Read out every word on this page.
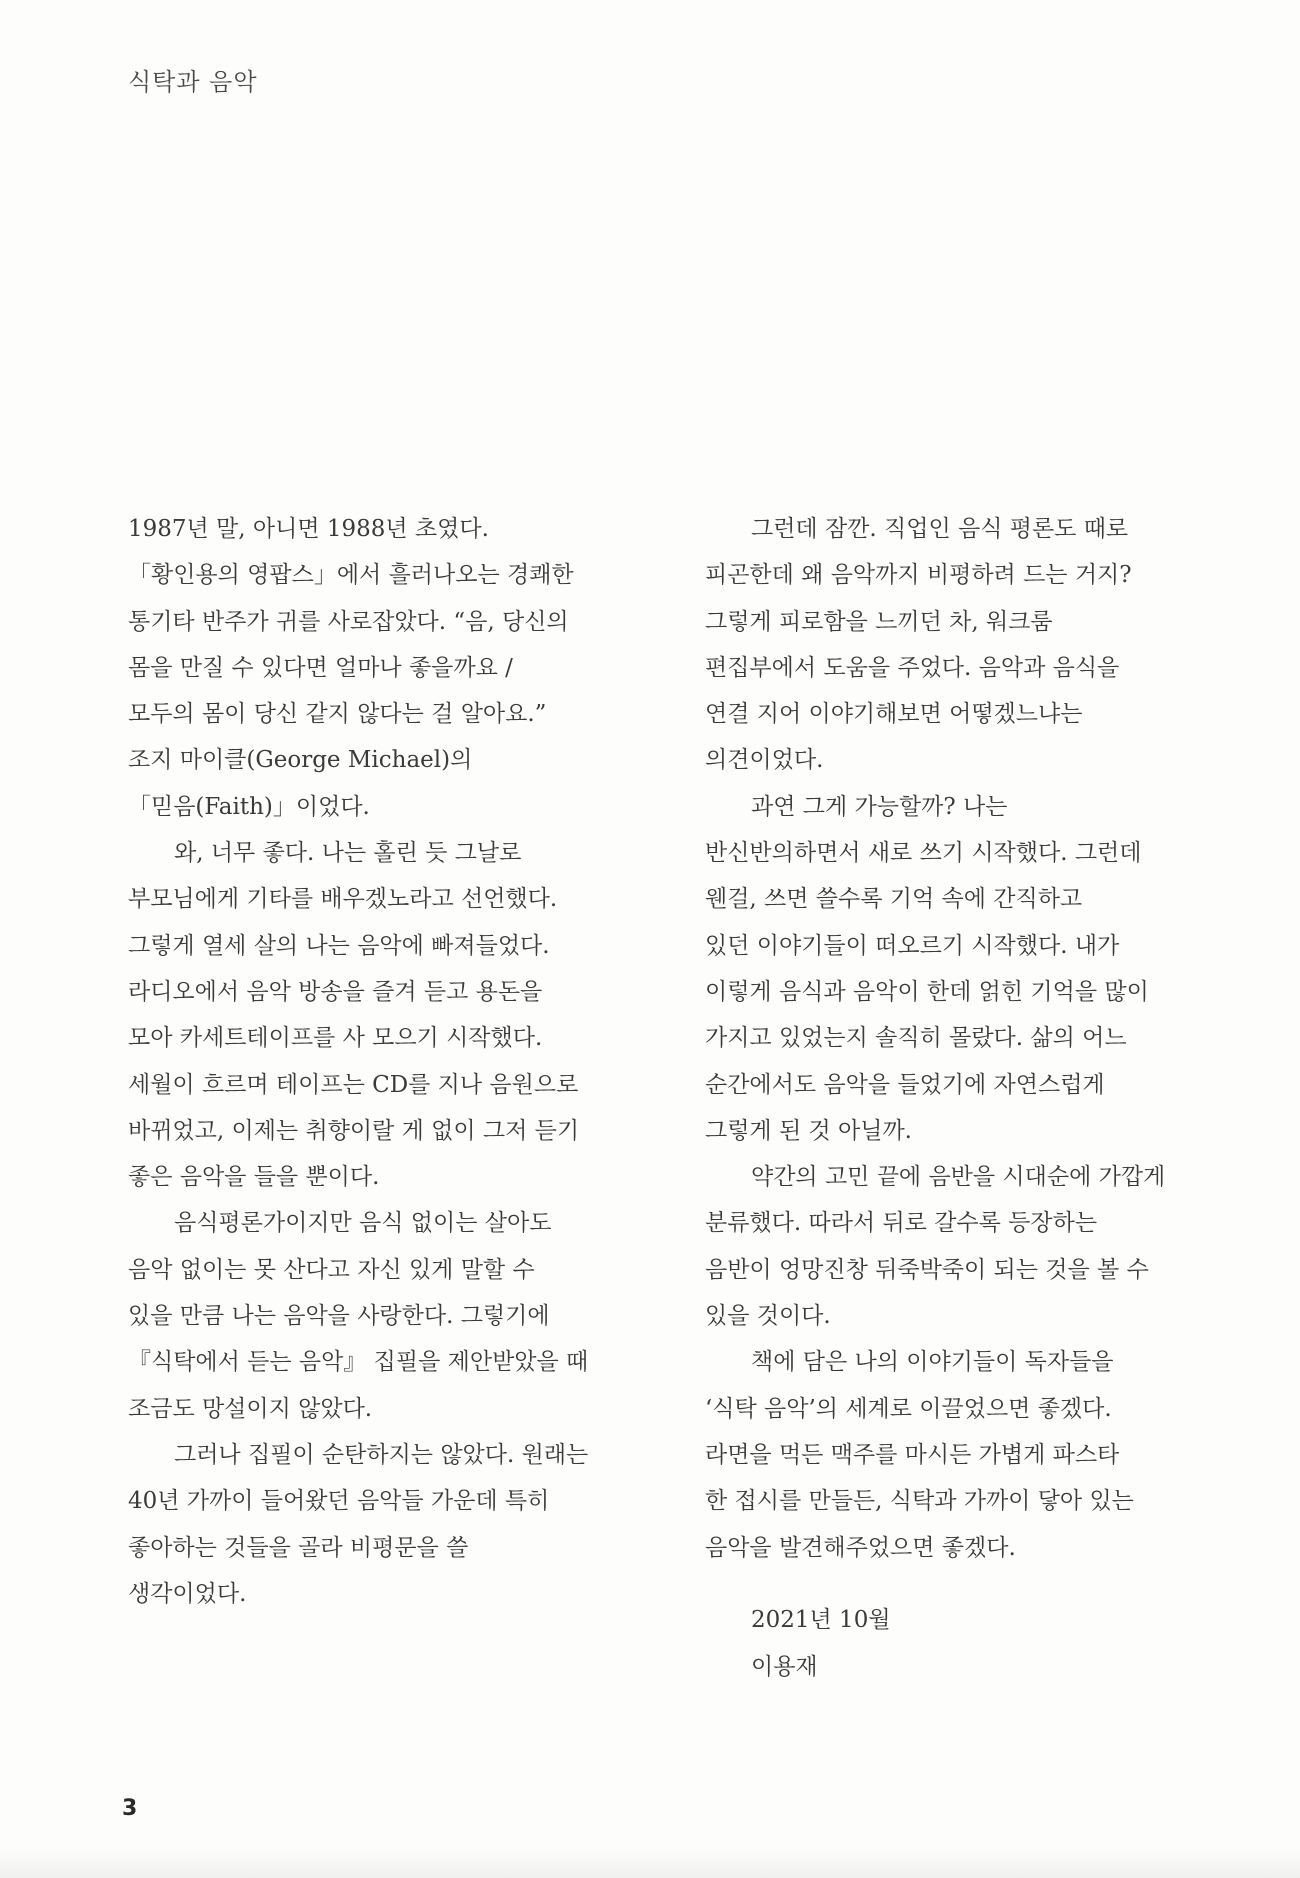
식탁과 음악
1987년 말, 아니면 1988년 초였다.
「황인용의 영팝스」에서 흘러나오는 경쾌한
통기타 반주가 귀를 사로잡았다. “음, 당신의
몸을 만질 수 있다면 얼마나 좋을까요 /
모두의 몸이 당신 같지 않다는 걸 알아요.”
조지 마이클(George Michael)의
「믿음(Faith)」이었다.
와, 너무 좋다. 나는 홀린 듯 그날로
부모님에게 기타를 배우겠노라고 선언했다.
그렇게 열세 살의 나는 음악에 빠져들었다.
라디오에서 음악 방송을 즐겨 듣고 용돈을
모아 카세트테이프를 사 모으기 시작했다.
세월이 흐르며 테이프는 CD를 지나 음원으로
바뀌었고, 이제는 취향이랄 게 없이 그저 듣기
좋은 음악을 들을 뿐이다.
음식평론가이지만 음식 없이는 살아도
음악 없이는 못 산다고 자신 있게 말할 수
있을 만큼 나는 음악을 사랑한다. 그렇기에
『식탁에서 듣는 음악』 집필을 제안받았을 때
조금도 망설이지 않았다.
그러나 집필이 순탄하지는 않았다. 원래는
40년 가까이 들어왔던 음악들 가운데 특히
좋아하는 것들을 골라 비평문을 쓸
생각이었다.
그런데 잠깐. 직업인 음식 평론도 때로
피곤한데 왜 음악까지 비평하려 드는 거지?
그렇게 피로함을 느끼던 차, 워크룸
편집부에서 도움을 주었다. 음악과 음식을
연결 지어 이야기해보면 어떻겠느냐는
의견이었다.
과연 그게 가능할까? 나는
반신반의하면서 새로 쓰기 시작했다. 그런데
웬걸, 쓰면 쓸수록 기억 속에 간직하고
있던 이야기들이 떠오르기 시작했다. 내가
이렇게 음식과 음악이 한데 얽힌 기억을 많이
가지고 있었는지 솔직히 몰랐다. 삶의 어느
순간에서도 음악을 들었기에 자연스럽게
그렇게 된 것 아닐까.
약간의 고민 끝에 음반을 시대순에 가깝게
분류했다. 따라서 뒤로 갈수록 등장하는
음반이 엉망진창 뒤죽박죽이 되는 것을 볼 수
있을 것이다.
책에 담은 나의 이야기들이 독자들을
‘식탁 음악’의 세계로 이끌었으면 좋겠다.
라면을 먹든 맥주를 마시든 가볍게 파스타
한 접시를 만들든, 식탁과 가까이 닿아 있는
음악을 발견해주었으면 좋겠다.
2021년 10월
이용재
3
